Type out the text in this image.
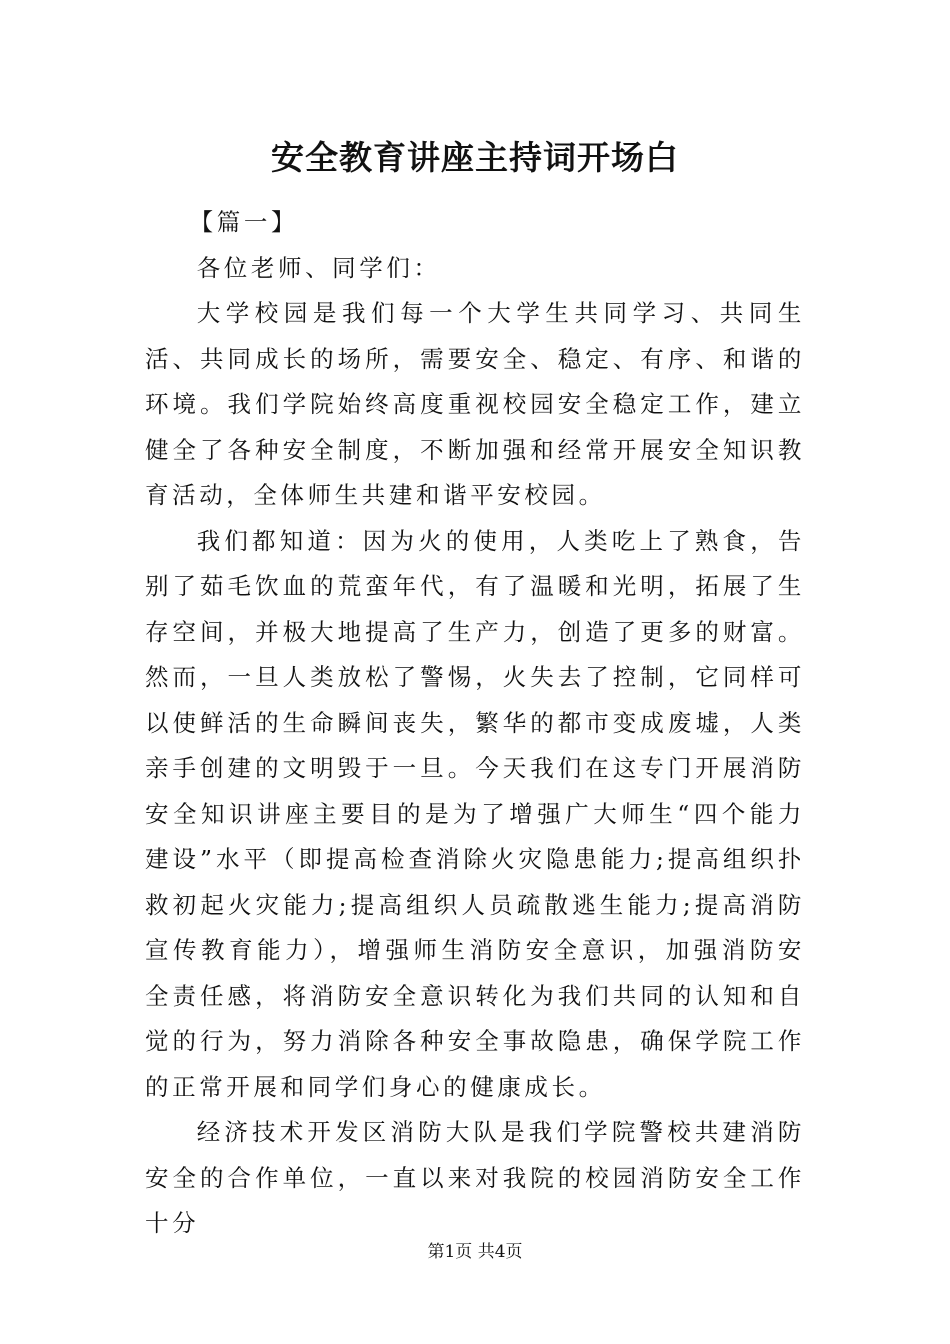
安全教育讲座主持词开场白

【篇一】

各位老师、同学们：

大学校园是我们每一个大学生共同学习、共同生活、共同成长的场所，需要安全、稳定、有序、和谐的环境。我们学院始终高度重视校园安全稳定工作，建立健全了各种安全制度，不断加强和经常开展安全知识教育活动，全体师生共建和谐平安校园。

我们都知道：因为火的使用，人类吃上了熟食，告别了茹毛饮血的荒蛮年代，有了温暖和光明，拓展了生存空间，并极大地提高了生产力，创造了更多的财富。然而，一旦人类放松了警惕，火失去了控制，它同样可以使鲜活的生命瞬间丧失，繁华的都市变成废墟，人类亲手创建的文明毁于一旦。今天我们在这专门开展消防安全知识讲座主要目的是为了增强广大师生“四个能力建设”水平（即提高检查消除火灾隐患能力;提高组织扑救初起火灾能力;提高组织人员疏散逃生能力;提高消防宣传教育能力），增强师生消防安全意识，加强消防安全责任感，将消防安全意识转化为我们共同的认知和自觉的行为，努力消除各种安全事故隐患，确保学院工作的正常开展和同学们身心的健康成长。

经济技术开发区消防大队是我们学院警校共建消防安全的合作单位，一直以来对我院的校园消防安全工作十分

第1页 共4页
